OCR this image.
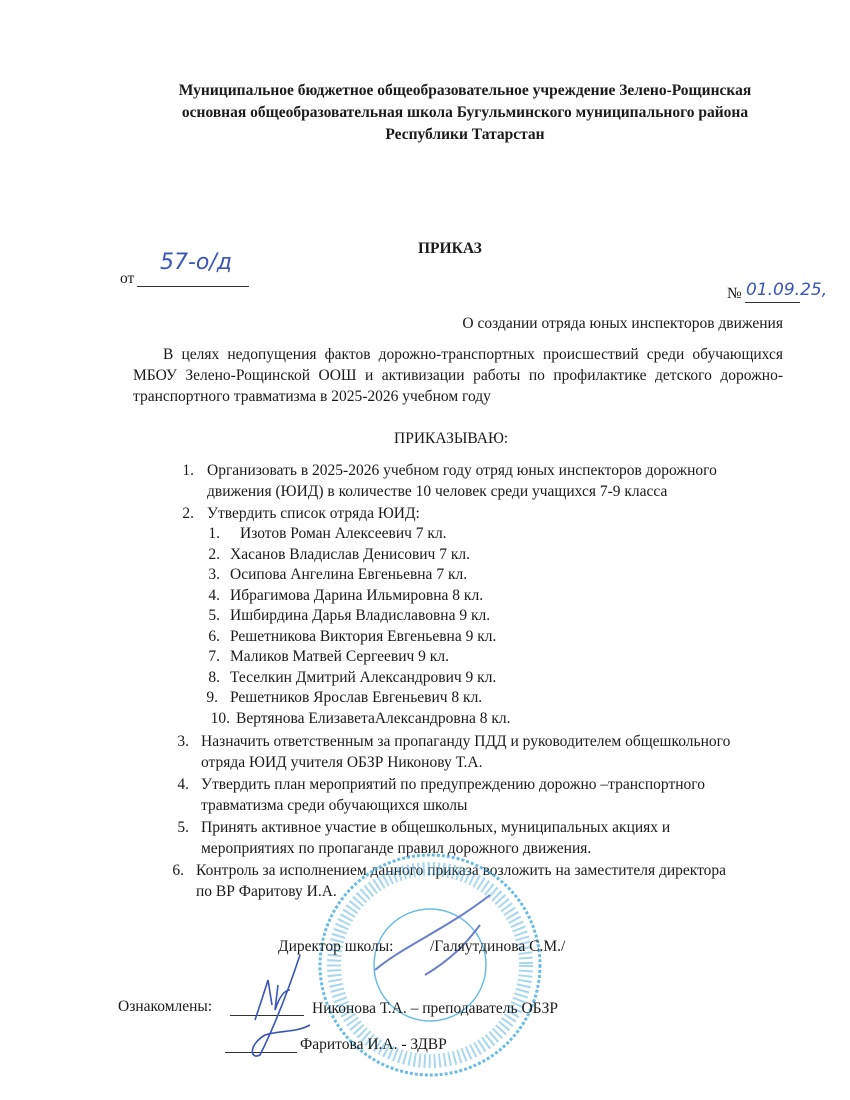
Муниципальное бюджетное общеобразовательное учреждение Зелено-Рощинская
основная общеобразовательная школа Бугульминского муниципального района
Республики Татарстан
ПРИКАЗ
от
57-о/д
№ 01.09.25,
О создании отряда юных инспекторов движения
В целях недопущения фактов дорожно-транспортных происшествий среди обучающихся МБОУ Зелено-Рощинской ООШ и активизации работы по профилактике детского дорожно-транспортного травматизма в 2025-2026 учебном году
ПРИКАЗЫВАЮ:
1. Организовать в 2025-2026 учебном году отряд юных инспекторов дорожного
движения (ЮИД) в количестве 10 человек среди учащихся 7-9 класса
2. Утвердить список отряда ЮИД:
1. Изотов Роман Алексеевич 7 кл.
2. Хасанов Владислав Денисович 7 кл.
3. Осипова Ангелина Евгеньевна 7 кл.
4. Ибрагимова Дарина Ильмировна 8 кл.
5. Ишбирдина Дарья Владиславовна 9 кл.
6. Решетникова Виктория Евгеньевна 9 кл.
7. Маликов Матвей Сергеевич 9 кл.
8. Теселкин Дмитрий Александрович 9 кл.
9. Решетников Ярослав Евгеньевич 8 кл.
10. Вертянова ЕлизаветаАлександровна 8 кл.
3. Назначить ответственным за пропаганду ПДД и руководителем общешкольного
отряда ЮИД учителя ОБЗР Никонову Т.А.
4. Утвердить план мероприятий по предупреждению дорожно –транспортного
травматизма среди обучающихся школы
5. Принять активное участие в общешкольных, муниципальных акциях и
мероприятиях по пропаганде правил дорожного движения.
6. Контроль за исполнением данного приказа возложить на заместителя директора
по ВР Фаритову И.А.
Директор школы: /Галяутдинова С.М./
Ознакомлены:	Никонова Т.А. – преподаватель ОБЗР
Фаритова И.А. - ЗДВР
